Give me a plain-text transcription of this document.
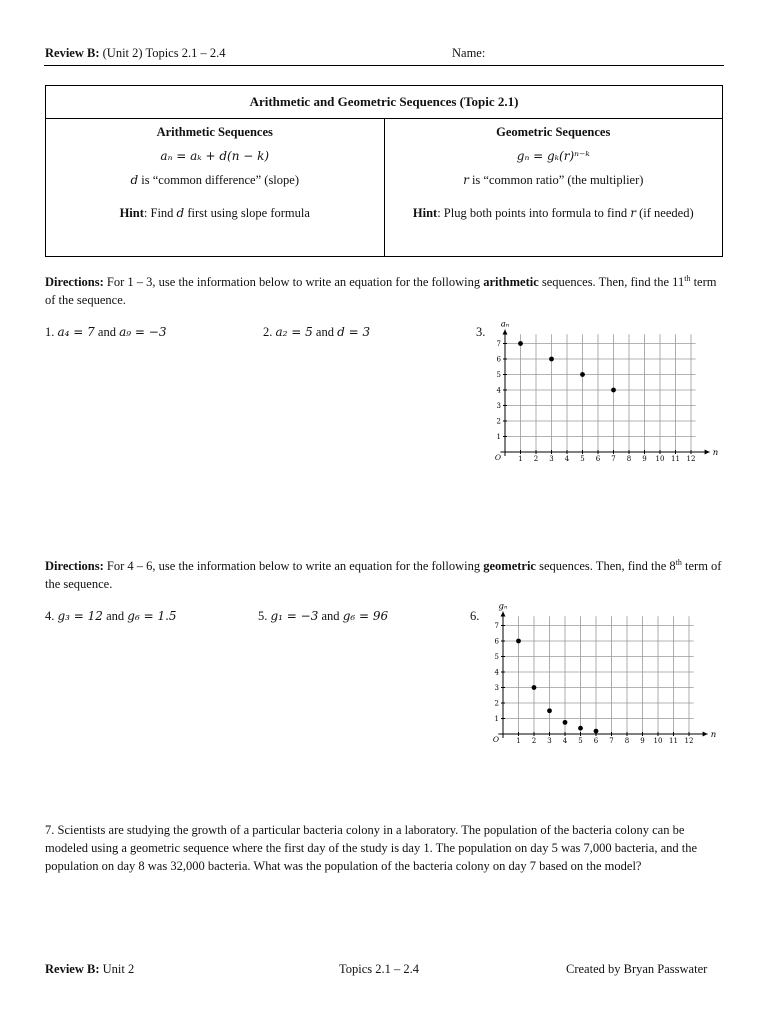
Review B: (Unit 2) Topics 2.1 – 2.4	Name:
Arithmetic and Geometric Sequences (Topic 2.1)

Arithmetic Sequences
aₙ = aₖ + d(n − k)
d is “common difference” (slope)
Hint: Find d first using slope formula

Geometric Sequences
gₙ = gₖ(r)ⁿ⁻ᵏ
r is “common ratio” (the multiplier)
Hint: Plug both points into formula to find r (if needed)
Directions: For 1 – 3, use the information below to write an equation for the following arithmetic sequences. Then, find the 11th term of the sequence.
1. a₄ = 7 and a₉ = −3	2. a₂ = 5 and d = 3	3.
1 2 3 4 5 6 7 8 9 10 11 12
1
2
3
4
5
6
7
O	n
aₙ
Directions: For 4 – 6, use the information below to write an equation for the following geometric sequences. Then, find the 8th term of the sequence.
4. g₃ = 12 and g₆ = 1.5	5. g₁ = −3 and g₆ = 96	6.
1 2 3 4 5 6 7 8 9 10 11 12
1
2
3
4
5
6
7
O	n
gₙ
7. Scientists are studying the growth of a particular bacteria colony in a laboratory. The population of the bacteria colony can be modeled using a geometric sequence where the first day of the study is day 1. The population on day 5 was 7,000 bacteria, and the population on day 8 was 32,000 bacteria. What was the population of the bacteria colony on day 7 based on the model?
Review B: Unit 2	Topics 2.1 – 2.4	Created by Bryan Passwater
